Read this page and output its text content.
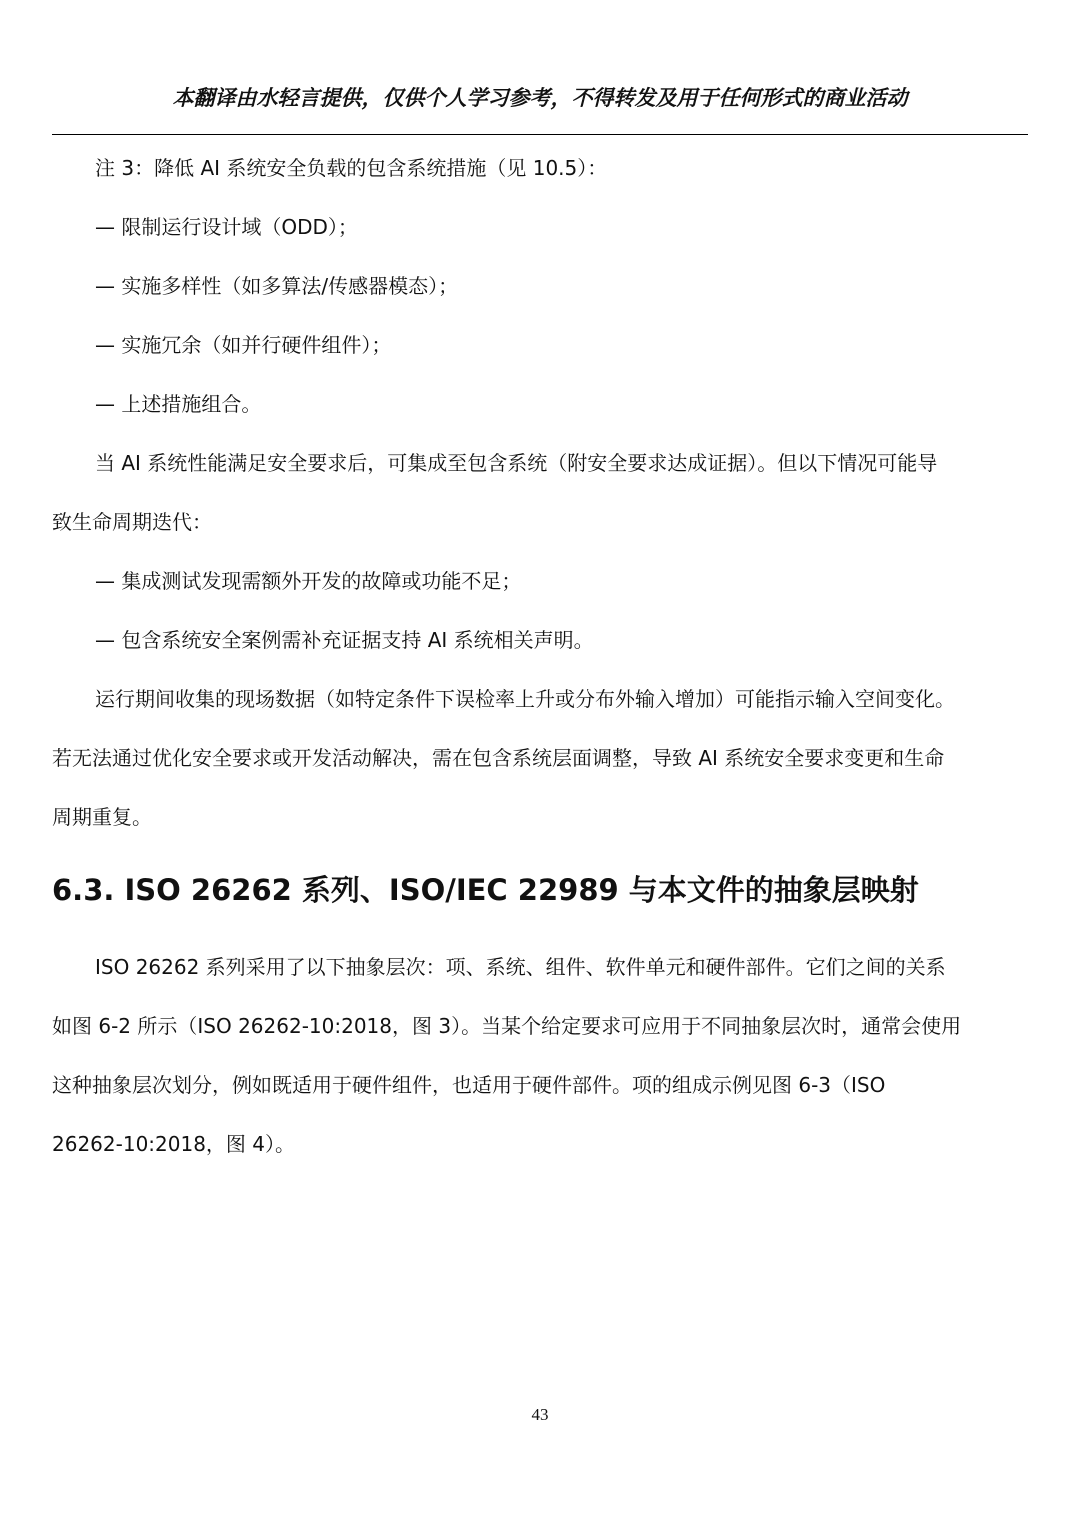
本翻译由水轻言提供，仅供个人学习参考，不得转发及用于任何形式的商业活动
注 3：降低 AI 系统安全负载的包含系统措施（见 10.5）：
— 限制运行设计域（ODD）；
— 实施多样性（如多算法/传感器模态）；
— 实施冗余（如并行硬件组件）；
— 上述措施组合。
当 AI 系统性能满足安全要求后，可集成至包含系统（附安全要求达成证据）。但以下情况可能导
致生命周期迭代：
— 集成测试发现需额外开发的故障或功能不足；
— 包含系统安全案例需补充证据支持 AI 系统相关声明。
运行期间收集的现场数据（如特定条件下误检率上升或分布外输入增加）可能指示输入空间变化。
若无法通过优化安全要求或开发活动解决，需在包含系统层面调整，导致 AI 系统安全要求变更和生命
周期重复。
6.3. ISO 26262 系列、ISO/IEC 22989 与本文件的抽象层映射
ISO 26262 系列采用了以下抽象层次：项、系统、组件、软件单元和硬件部件。它们之间的关系
如图 6-2 所示（ISO 26262-10:2018，图 3）。当某个给定要求可应用于不同抽象层次时，通常会使用
这种抽象层次划分，例如既适用于硬件组件，也适用于硬件部件。项的组成示例见图 6-3（ISO
26262-10:2018，图 4）。
43
